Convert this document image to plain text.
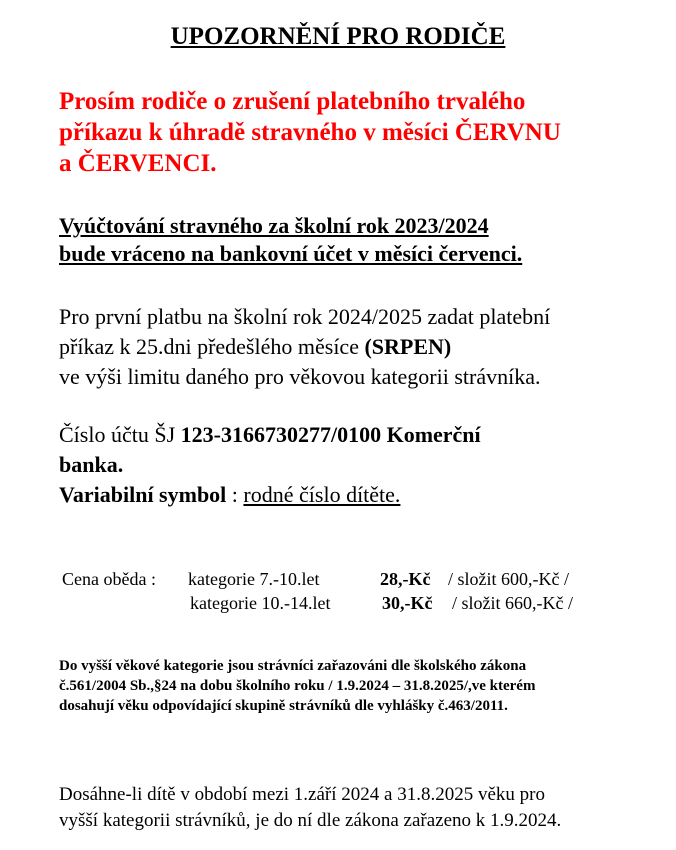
UPOZORNĚNÍ PRO RODIČE
Prosím rodiče o zrušení platebního trvalého
příkazu k úhradě stravného v měsíci ČERVNU
a ČERVENCI.
Vyúčtování stravného za školní rok 2023/2024
bude vráceno na bankovní účet v měsíci červenci.
Pro první platbu na školní rok 2024/2025 zadat platební
příkaz k 25.dni předešlého měsíce (SRPEN)
ve výši limitu daného pro věkovou kategorii strávníka.
Číslo účtu ŠJ 123-3166730277/0100 Komerční
banka.
Variabilní symbol : rodné číslo dítěte.
Cena oběda : kategorie 7.-10.let	28,-Kč / složit 600,-Kč /
kategorie 10.-14.let	30,-Kč / složit 660,-Kč /
Do vyšší věkové kategorie jsou strávníci zařazováni dle školského zákona
č.561/2004 Sb.,§24 na dobu školního roku / 1.9.2024 – 31.8.2025/,ve kterém
dosahují věku odpovídající skupině strávníků dle vyhlášky č.463/2011.
Dosáhne-li dítě v období mezi 1.září 2024 a 31.8.2025 věku pro
vyšší kategorii strávníků, je do ní dle zákona zařazeno k 1.9.2024.
